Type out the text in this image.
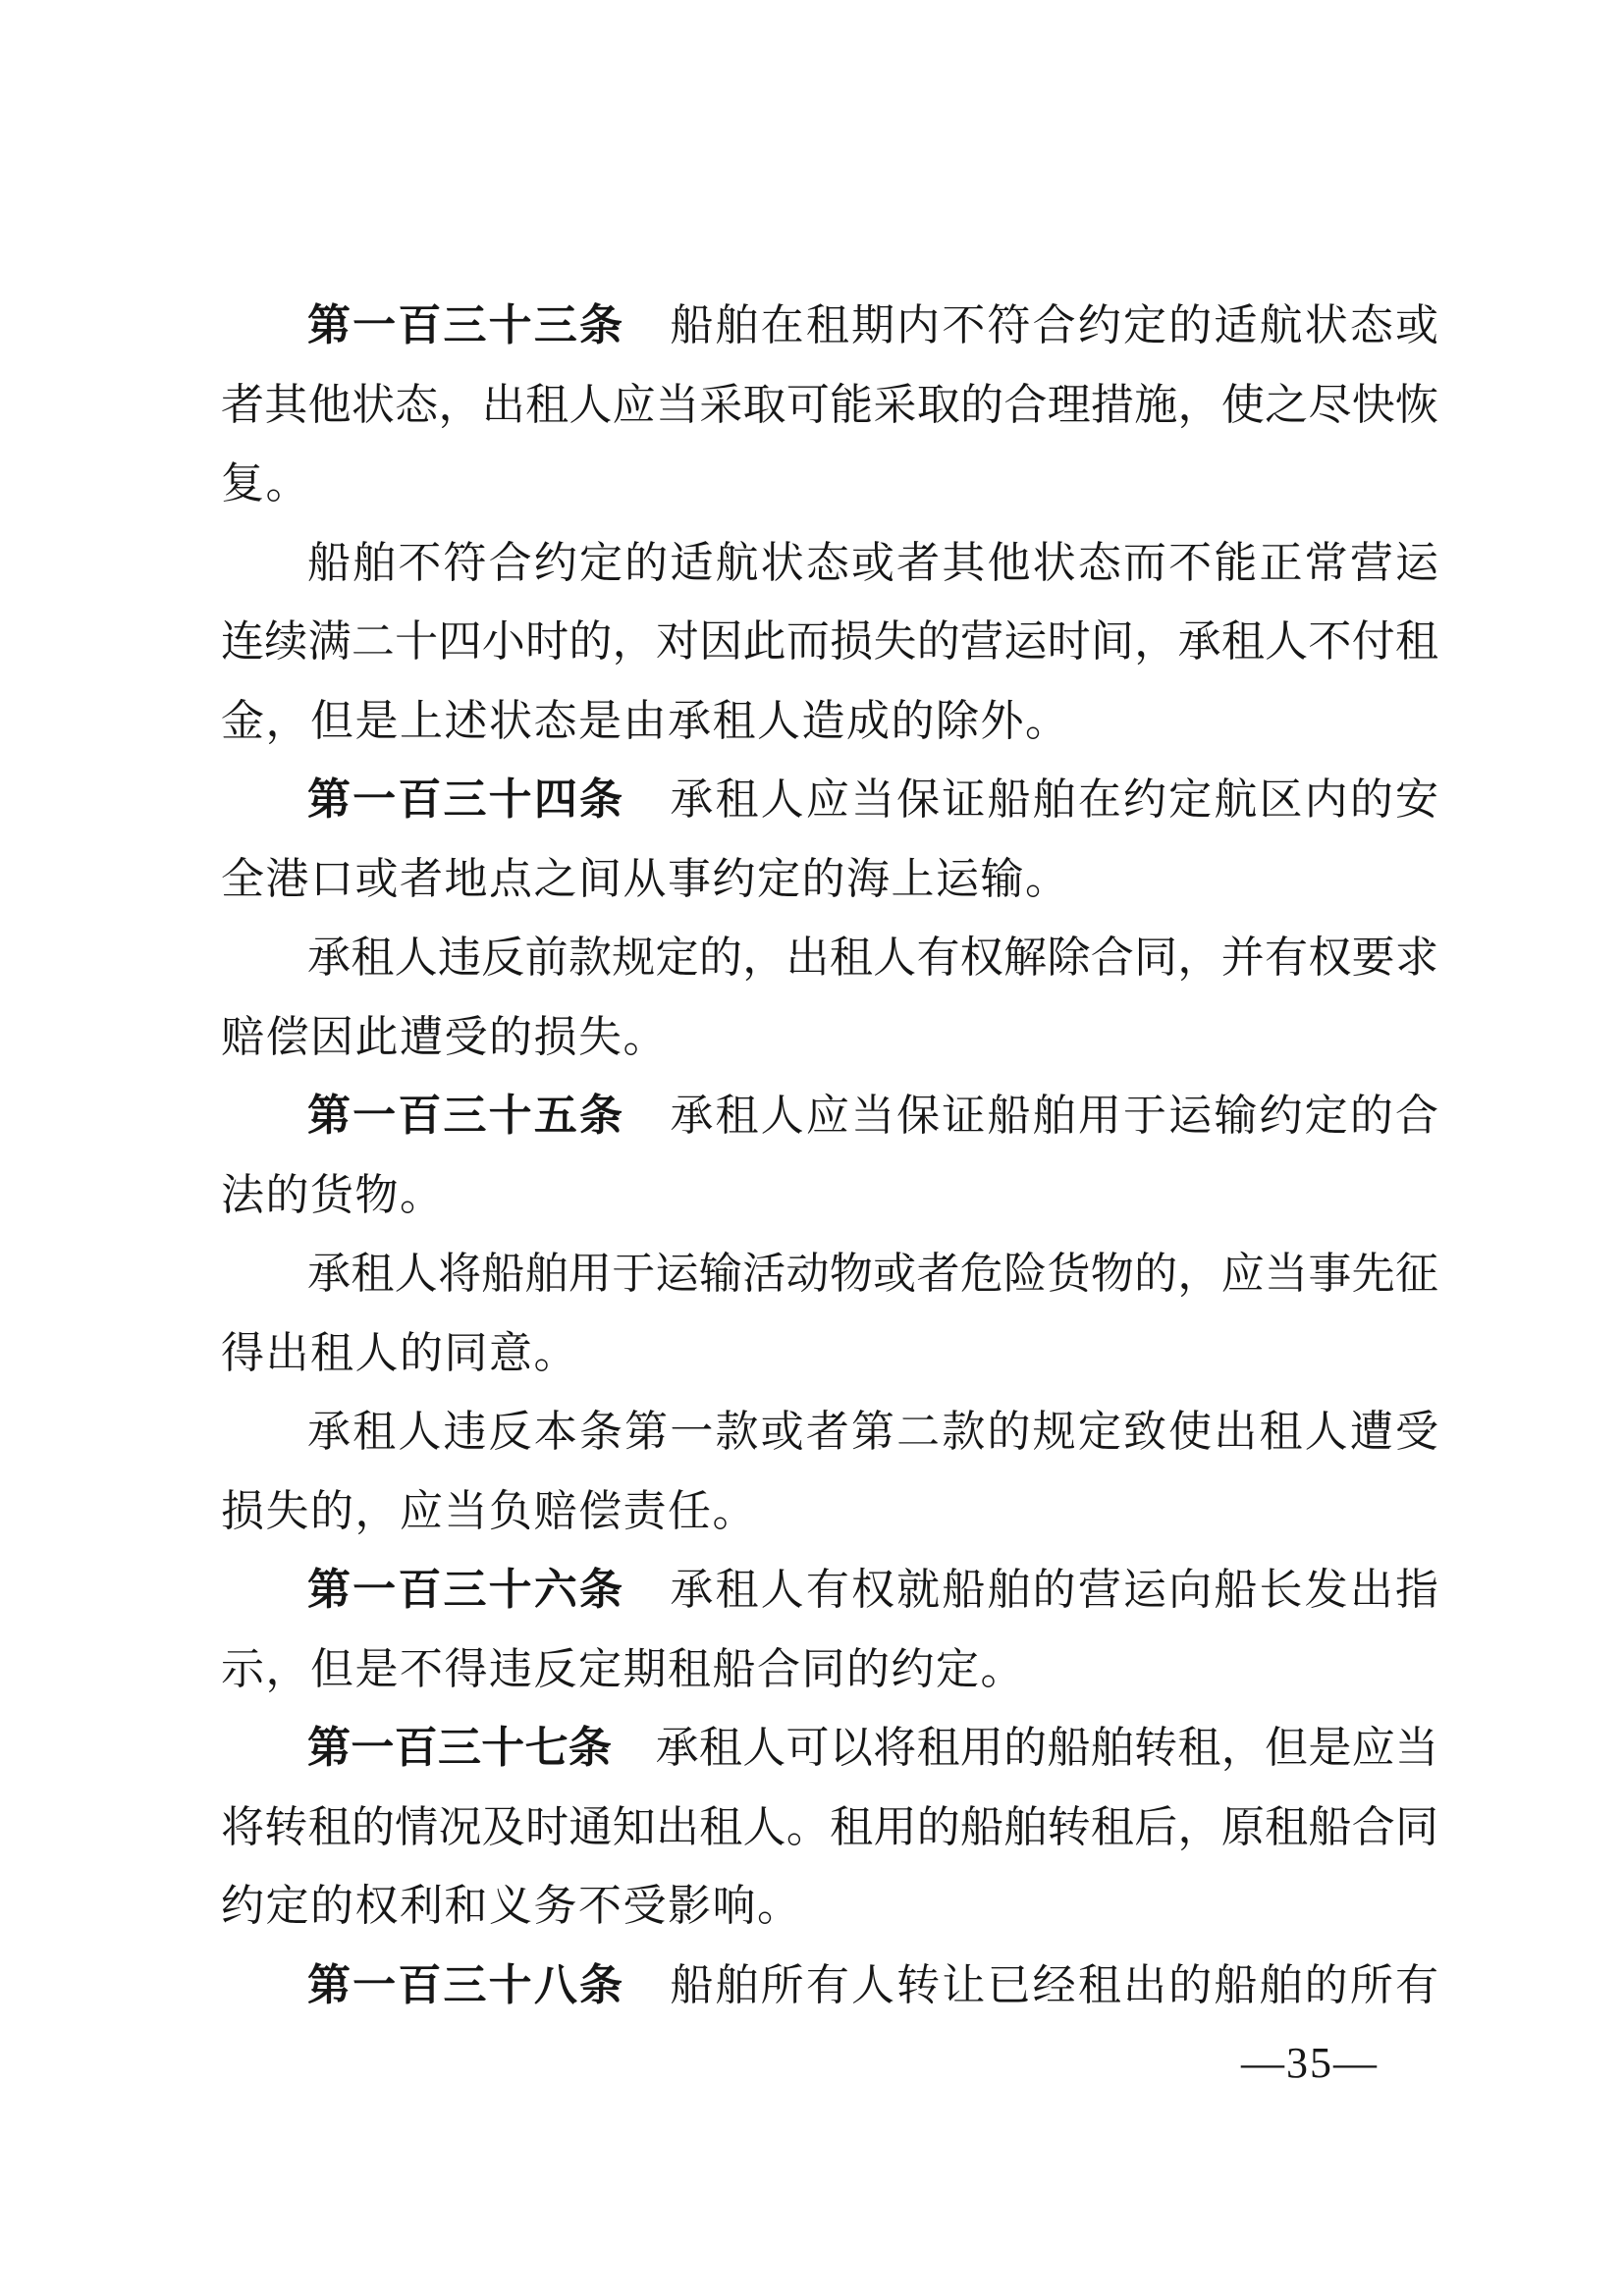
第一百三十三条　船舶在租期内不符合约定的适航状态或
者其他状态，出租人应当采取可能采取的合理措施，使之尽快恢
复。
船舶不符合约定的适航状态或者其他状态而不能正常营运
连续满二十四小时的，对因此而损失的营运时间，承租人不付租
金，但是上述状态是由承租人造成的除外。
第一百三十四条　承租人应当保证船舶在约定航区内的安
全港口或者地点之间从事约定的海上运输。
承租人违反前款规定的，出租人有权解除合同，并有权要求
赔偿因此遭受的损失。
第一百三十五条　承租人应当保证船舶用于运输约定的合
法的货物。
承租人将船舶用于运输活动物或者危险货物的，应当事先征
得出租人的同意。
承租人违反本条第一款或者第二款的规定致使出租人遭受
损失的，应当负赔偿责任。
第一百三十六条　承租人有权就船舶的营运向船长发出指
示，但是不得违反定期租船合同的约定。
第一百三十七条　承租人可以将租用的船舶转租，但是应当
将转租的情况及时通知出租人。租用的船舶转租后，原租船合同
约定的权利和义务不受影响。
第一百三十八条　船舶所有人转让已经租出的船舶的所有
—35—
